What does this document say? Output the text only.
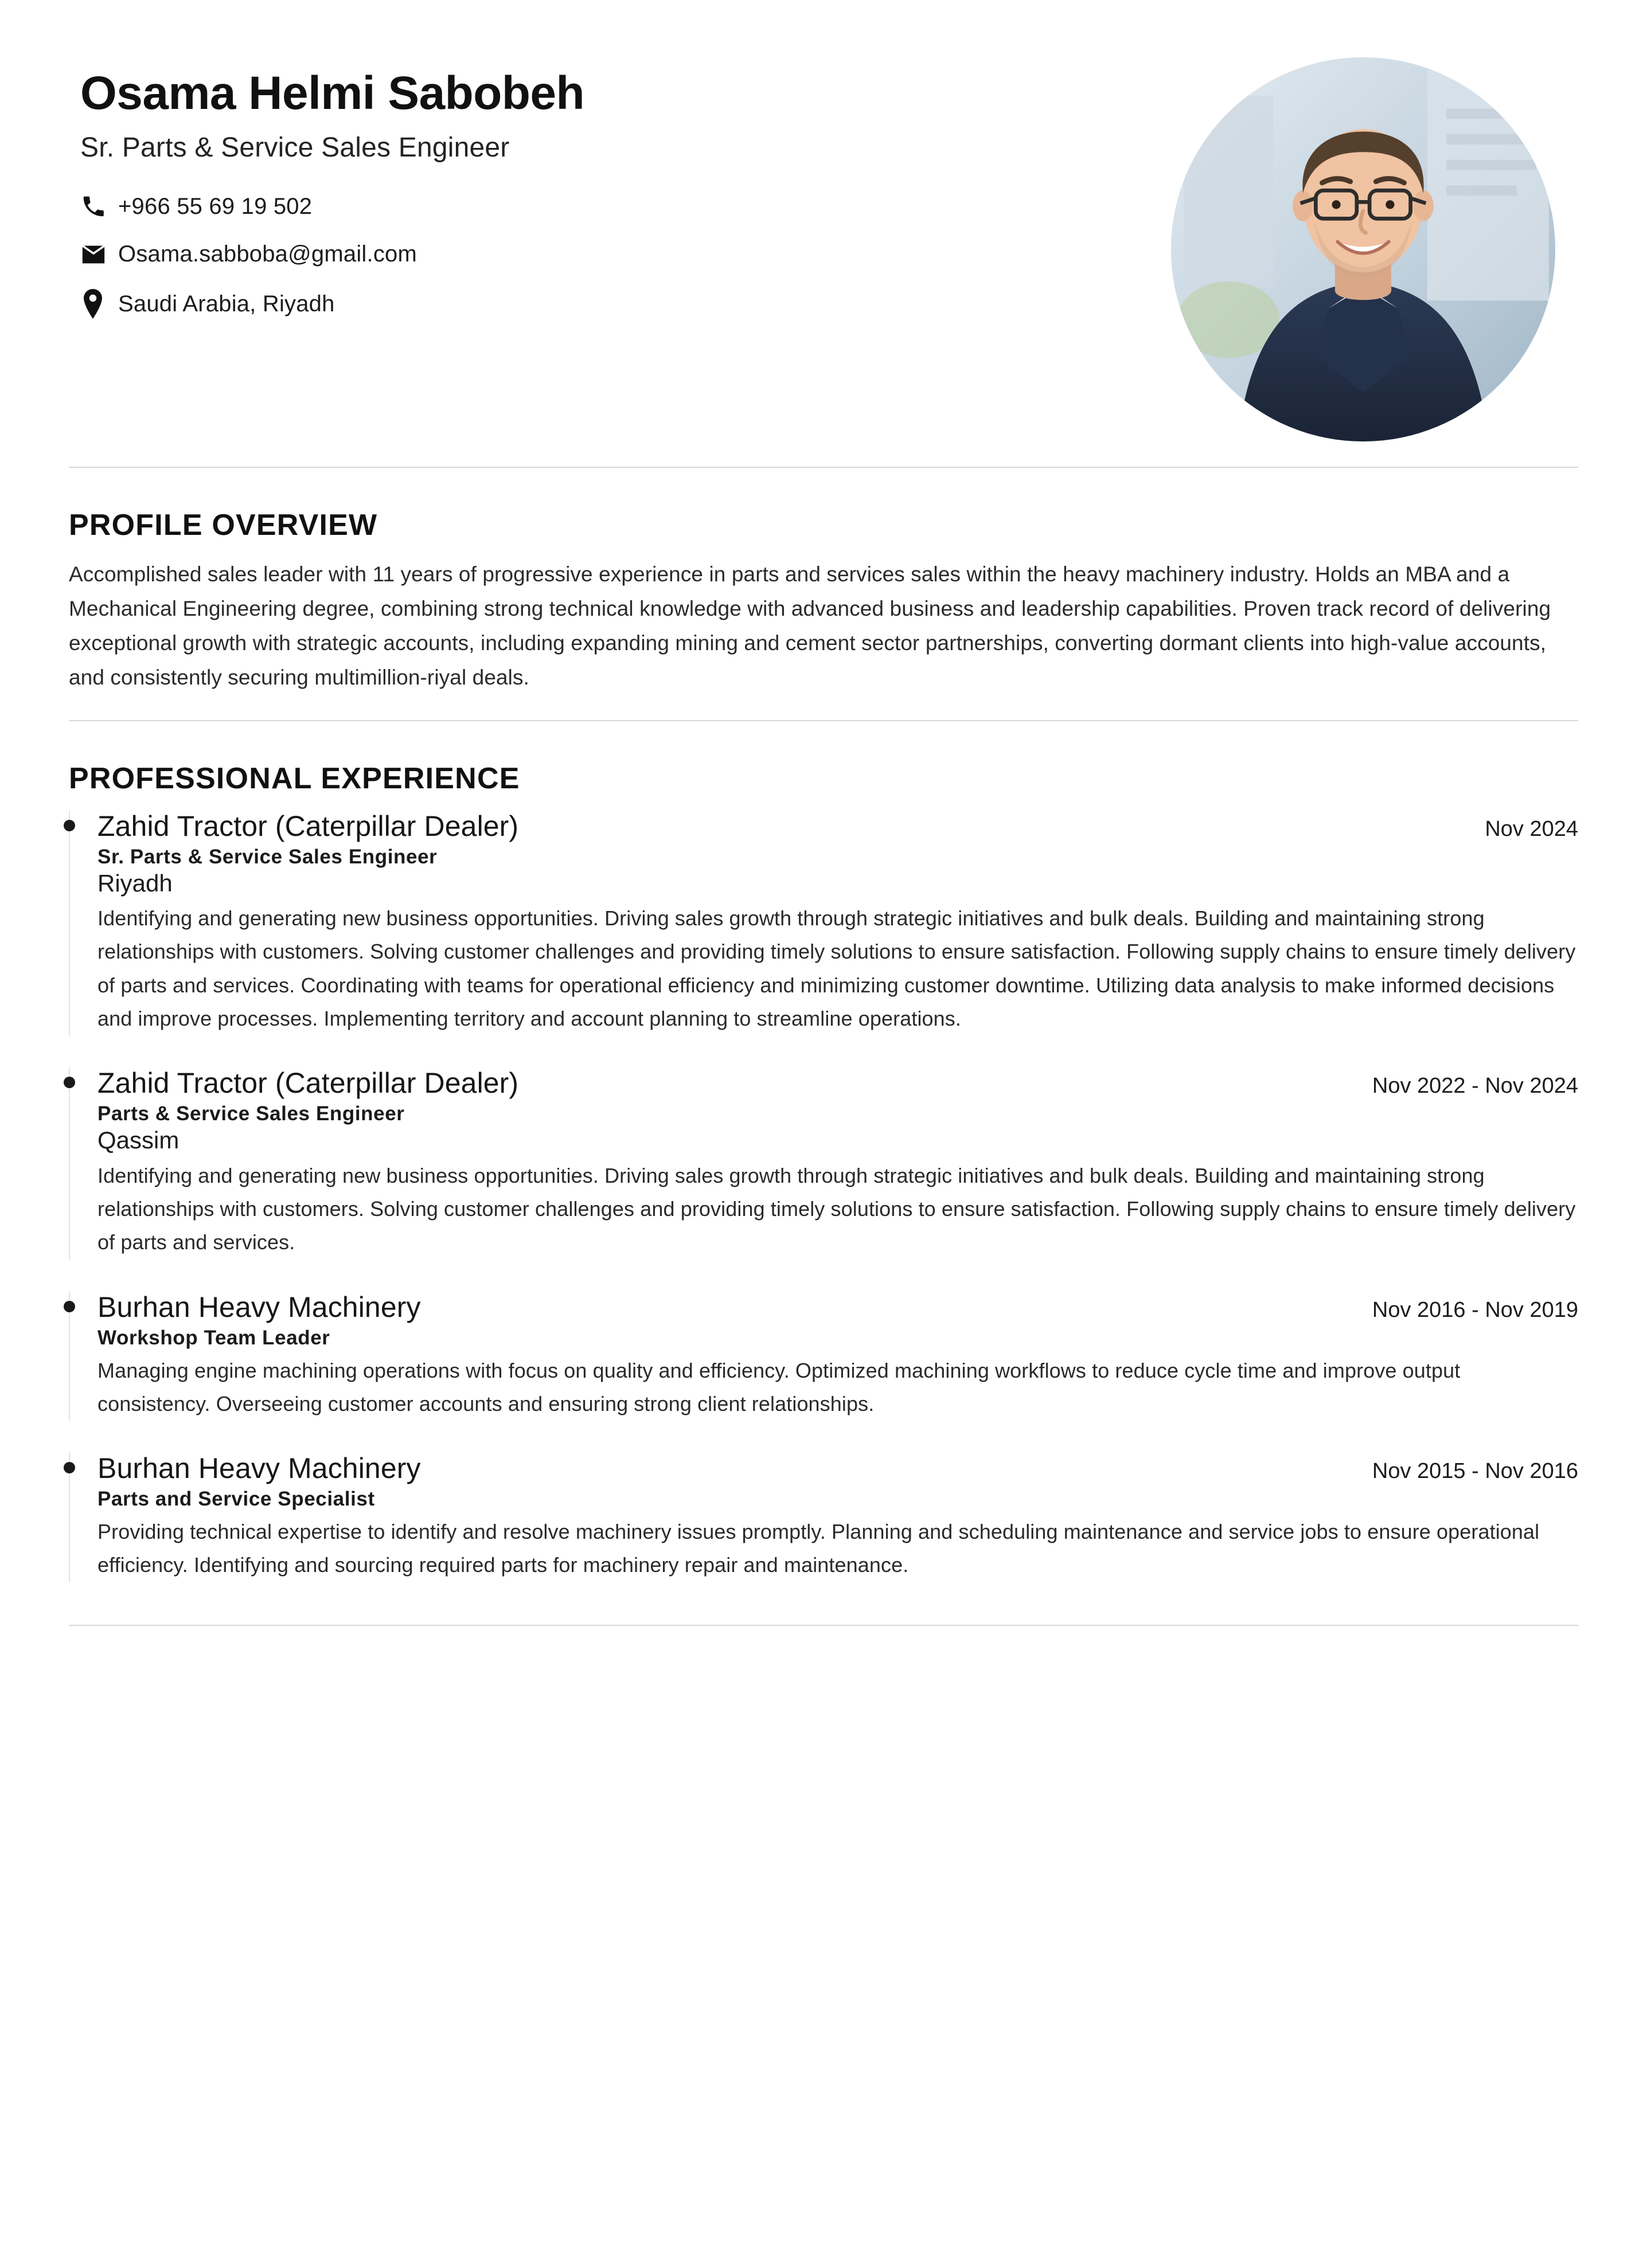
Osama Helmi Sabobeh
Sr. Parts & Service Sales Engineer
+966 55 69 19 502
Osama.sabboba@gmail.com
Saudi Arabia, Riyadh
PROFILE OVERVIEW

Accomplished sales leader with 11 years of progressive experience in parts and services sales within the heavy machinery industry. Holds an MBA and a Mechanical Engineering degree, combining strong technical knowledge with advanced business and leadership capabilities. Proven track record of delivering exceptional growth with strategic accounts, including expanding mining and cement sector partnerships, converting dormant clients into high-value accounts, and consistently securing multimillion-riyal deals.

PROFESSIONAL EXPERIENCE
Zahid Tractor (Caterpillar Dealer)	Nov 2024
Sr. Parts & Service Sales Engineer
Riyadh
Identifying and generating new business opportunities. Driving sales growth through strategic initiatives and bulk deals. Building and maintaining strong relationships with customers. Solving customer challenges and providing timely solutions to ensure satisfaction. Following supply chains to ensure timely delivery of parts and services. Coordinating with teams for operational efficiency and minimizing customer downtime. Utilizing data analysis to make informed decisions and improve processes. Implementing territory and account planning to streamline operations.
Zahid Tractor (Caterpillar Dealer)	Nov 2022 - Nov 2024
Parts & Service Sales Engineer
Qassim
Identifying and generating new business opportunities. Driving sales growth through strategic initiatives and bulk deals. Building and maintaining strong relationships with customers. Solving customer challenges and providing timely solutions to ensure satisfaction. Following supply chains to ensure timely delivery of parts and services.
Burhan Heavy Machinery	Nov 2016 - Nov 2019
Workshop Team Leader
Managing engine machining operations with focus on quality and efficiency. Optimized machining workflows to reduce cycle time and improve output consistency. Overseeing customer accounts and ensuring strong client relationships.
Burhan Heavy Machinery	Nov 2015 - Nov 2016
Parts and Service Specialist
Providing technical expertise to identify and resolve machinery issues promptly. Planning and scheduling maintenance and service jobs to ensure operational efficiency. Identifying and sourcing required parts for machinery repair and maintenance.
